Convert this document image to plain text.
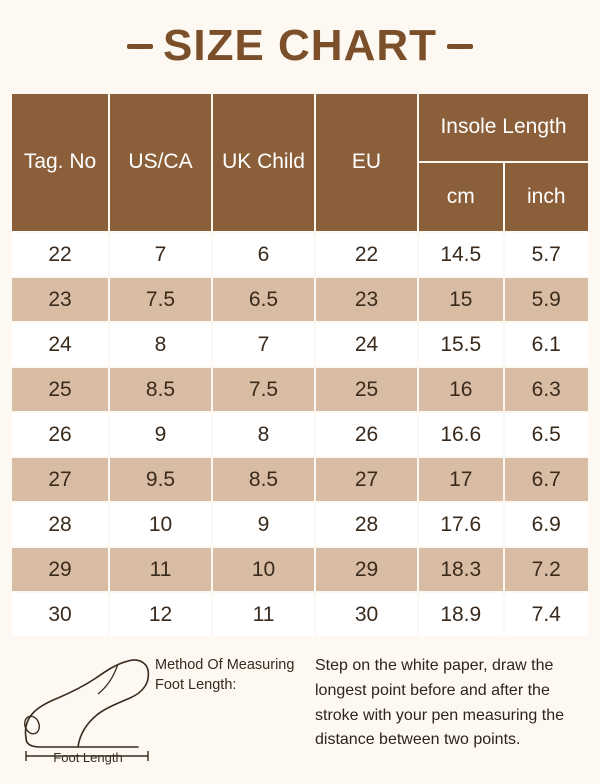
SIZE CHART
Tag. No	US/CA	UK Child	EU	Insole Length	
				cm	inch
22	7	6	22	14.5	5.7
23	7.5	6.5	23	15	5.9
24	8	7	24	15.5	6.1
25	8.5	7.5	25	16	6.3
26	9	8	26	16.6	6.5
27	9.5	8.5	27	17	6.7
28	10	9	28	17.6	6.9
29	11	10	29	18.3	7.2
30	12	11	30	18.9	7.4
Foot Length
Method Of Measuring Foot Length:
Step on the white paper, draw the longest point before and after the stroke with your pen measuring the distance between two points.
